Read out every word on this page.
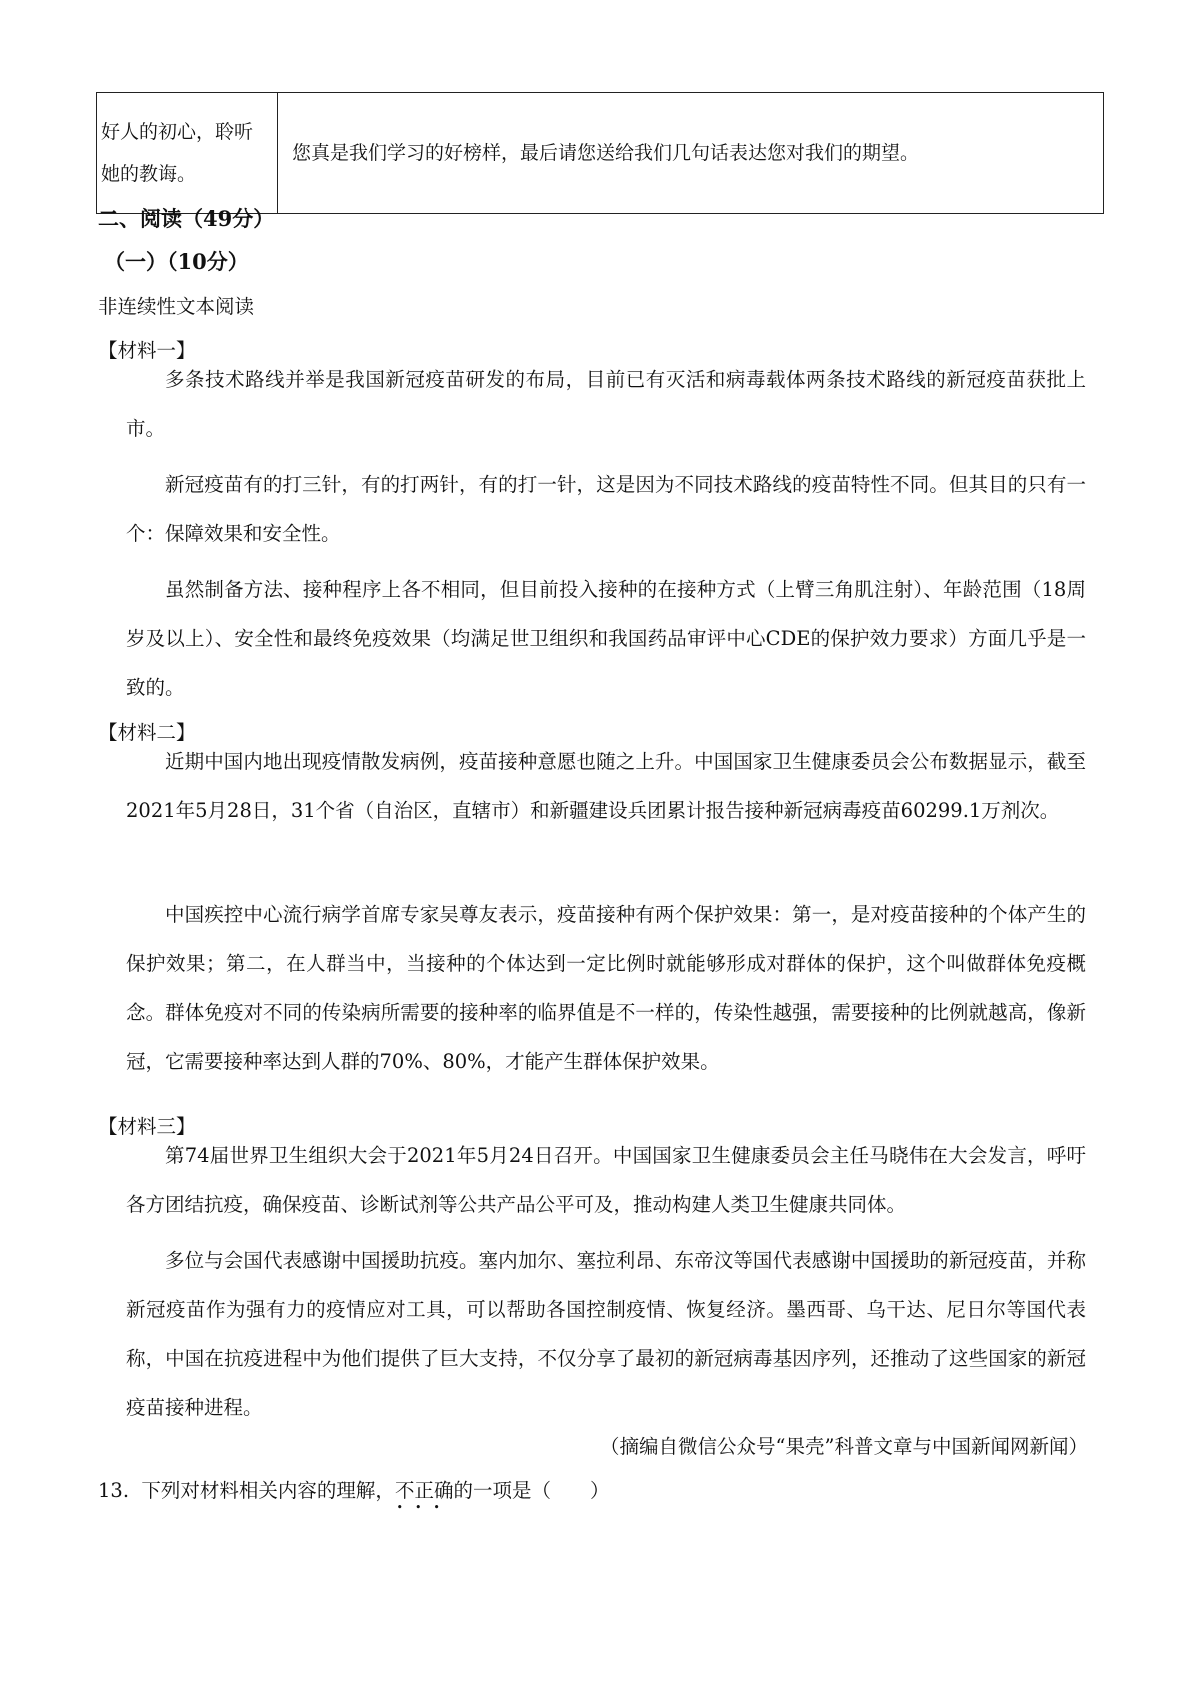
好人的初心，聆听她的教诲。	您真是我们学习的好榜样，最后请您送给我们几句话表达您对我们的期望。
二、阅读（49分）
（一）（10分）
非连续性文本阅读
【材料一】
多条技术路线并举是我国新冠疫苗研发的布局，目前已有灭活和病毒载体两条技术路线的新冠疫苗获批上市。
新冠疫苗有的打三针，有的打两针，有的打一针，这是因为不同技术路线的疫苗特性不同。但其目的只有一个：保障效果和安全性。
虽然制备方法、接种程序上各不相同，但目前投入接种的在接种方式（上臂三角肌注射）、年龄范围（18周岁及以上）、安全性和最终免疫效果（均满足世卫组织和我国药品审评中心CDE的保护效力要求）方面几乎是一致的。
【材料二】
近期中国内地出现疫情散发病例，疫苗接种意愿也随之上升。中国国家卫生健康委员会公布数据显示，截至2021年5月28日，31个省（自治区，直辖市）和新疆建设兵团累计报告接种新冠病毒疫苗60299.1万剂次。
中国疾控中心流行病学首席专家吴尊友表示，疫苗接种有两个保护效果：第一，是对疫苗接种的个体产生的保护效果；第二，在人群当中，当接种的个体达到一定比例时就能够形成对群体的保护，这个叫做群体免疫概念。群体免疫对不同的传染病所需要的接种率的临界值是不一样的，传染性越强，需要接种的比例就越高，像新冠，它需要接种率达到人群的70%、80%，才能产生群体保护效果。
【材料三】
第74届世界卫生组织大会于2021年5月24日召开。中国国家卫生健康委员会主任马晓伟在大会发言，呼吁各方团结抗疫，确保疫苗、诊断试剂等公共产品公平可及，推动构建人类卫生健康共同体。
多位与会国代表感谢中国援助抗疫。塞内加尔、塞拉利昂、东帝汶等国代表感谢中国援助的新冠疫苗，并称新冠疫苗作为强有力的疫情应对工具，可以帮助各国控制疫情、恢复经济。墨西哥、乌干达、尼日尔等国代表称，中国在抗疫进程中为他们提供了巨大支持，不仅分享了最初的新冠病毒基因序列，还推动了这些国家的新冠疫苗接种进程。
（摘编自微信公众号“果壳”科普文章与中国新闻网新闻）
13. 下列对材料相关内容的理解，不正确
•••
的一项是（　　）
